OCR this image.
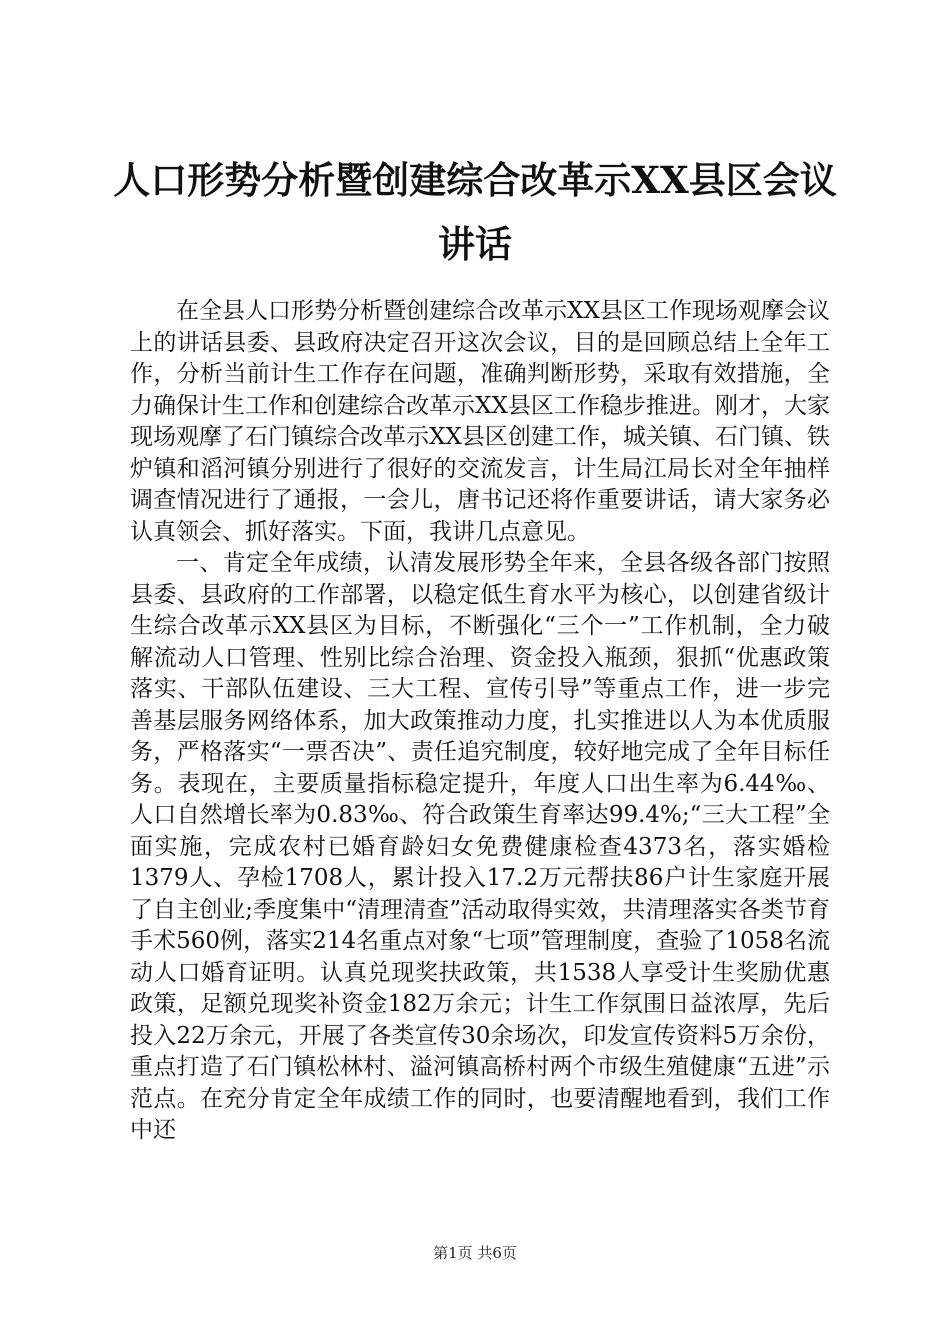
人口形势分析暨创建综合改革示XX县区会议
讲话

在全县人口形势分析暨创建综合改革示XX县区工作现场观摩会议上的讲话县委、县政府决定召开这次会议，目的是回顾总结上全年工作，分析当前计生工作存在问题，准确判断形势，采取有效措施，全力确保计生工作和创建综合改革示XX县区工作稳步推进。刚才，大家现场观摩了石门镇综合改革示XX县区创建工作，城关镇、石门镇、铁炉镇和滔河镇分别进行了很好的交流发言，计生局江局长对全年抽样调查情况进行了通报，一会儿，唐书记还将作重要讲话，请大家务必认真领会、抓好落实。下面，我讲几点意见。

一、肯定全年成绩，认清发展形势全年来，全县各级各部门按照县委、县政府的工作部署，以稳定低生育水平为核心，以创建省级计生综合改革示XX县区为目标，不断强化“三个一”工作机制，全力破解流动人口管理、性别比综合治理、资金投入瓶颈，狠抓“优惠政策落实、干部队伍建设、三大工程、宣传引导”等重点工作，进一步完善基层服务网络体系，加大政策推动力度，扎实推进以人为本优质服务，严格落实“一票否决”、责任追究制度，较好地完成了全年目标任务。表现在，主要质量指标稳定提升，年度人口出生率为6.44‰、人口自然增长率为0.83‰、符合政策生育率达99.4%;“三大工程”全面实施，完成农村已婚育龄妇女免费健康检查4373名，落实婚检1379人、孕检1708人，累计投入17.2万元帮扶86户计生家庭开展了自主创业;季度集中“清理清查”活动取得实效，共清理落实各类节育手术560例，落实214名重点对象“七项”管理制度，查验了1058名流动人口婚育证明。认真兑现奖扶政策，共1538人享受计生奖励优惠政策，足额兑现奖补资金182万余元；计生工作氛围日益浓厚，先后投入22万余元，开展了各类宣传30余场次，印发宣传资料5万余份，重点打造了石门镇松林村、溢河镇高桥村两个市级生殖健康“五进”示范点。在充分肯定全年成绩工作的同时，也要清醒地看到，我们工作中还

第1页 共6页
